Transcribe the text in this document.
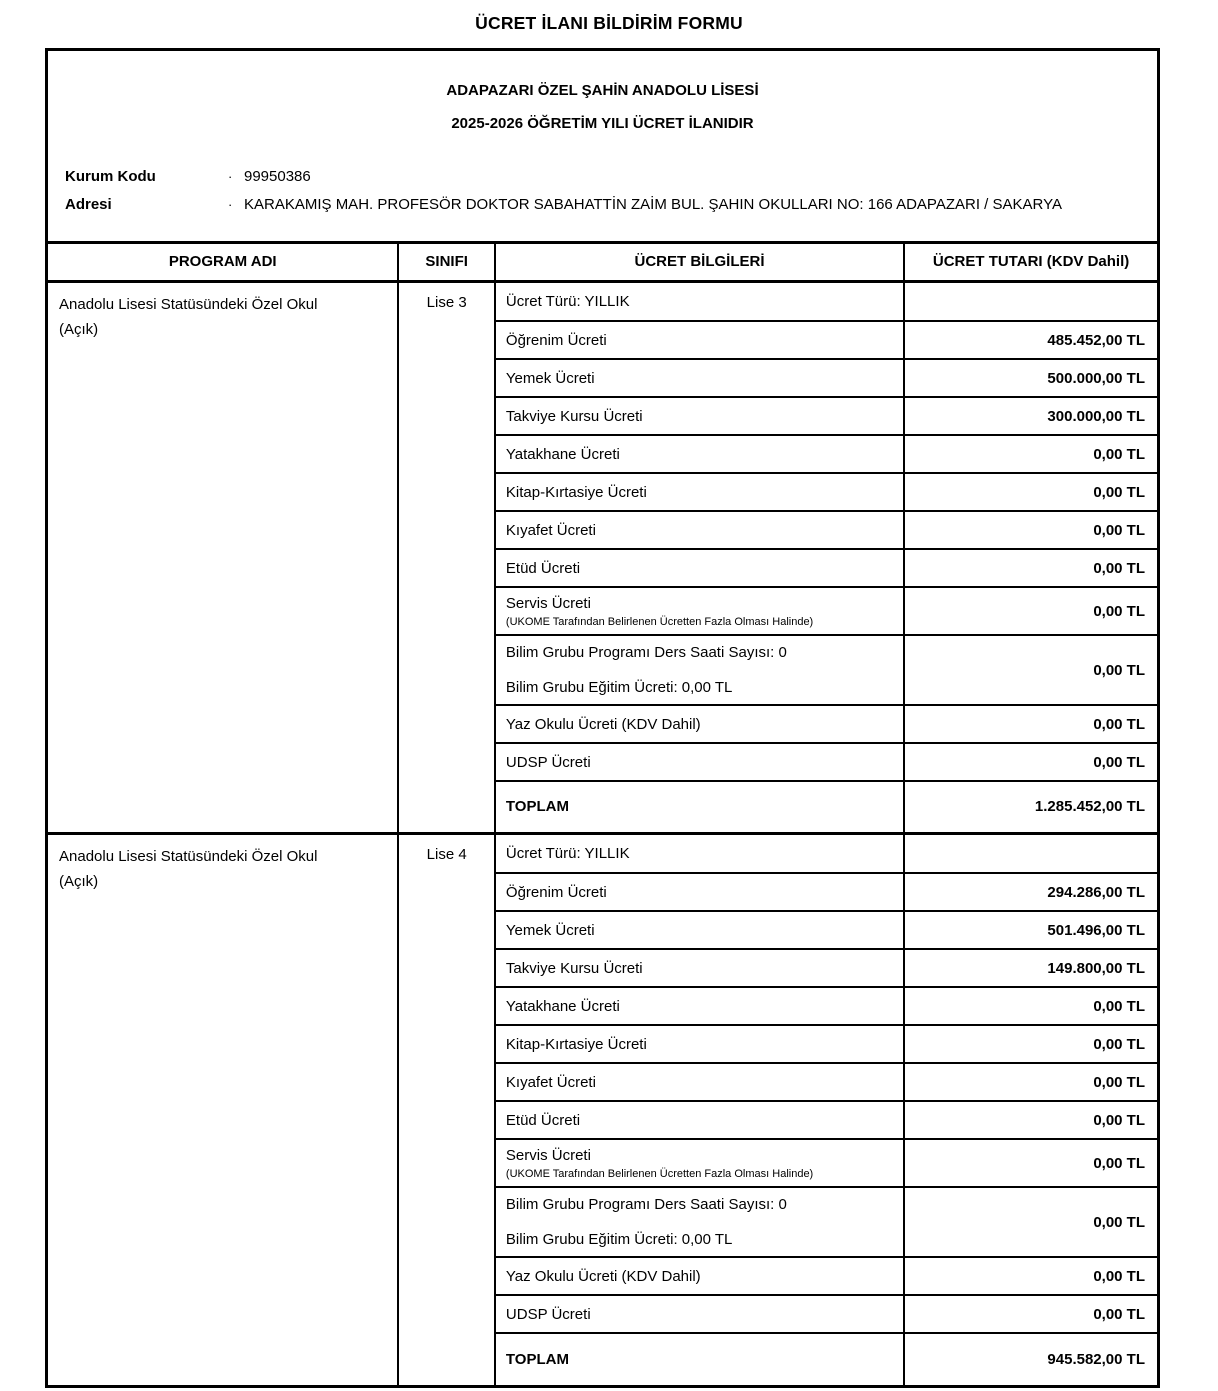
ÜCRET İLANI BİLDİRİM FORMU
ADAPAZARI ÖZEL ŞAHİN ANADOLU LİSESİ
2025-2026 ÖĞRETİM YILI ÜCRET İLANIDIR
Kurum Kodu	· 99950386
Adresi	· KARAKAMIŞ MAH. PROFESÖR DOKTOR SABAHATTİN ZAİM BUL. ŞAHIN OKULLARI NO: 166 ADAPAZARI / SAKARYA
PROGRAM ADI	SINIFI	ÜCRET BİLGİLERİ	ÜCRET TUTARI (KDV Dahil)

Anadolu Lisesi Statüsündeki Özel Okul
(Açık)	Lise 3	Ücret Türü: YILLIK	
		Öğrenim Ücreti	485.452,00 TL
		Yemek Ücreti	500.000,00 TL
		Takviye Kursu Ücreti	300.000,00 TL
		Yatakhane Ücreti	0,00 TL
		Kitap-Kırtasiye Ücreti	0,00 TL
		Kıyafet Ücreti	0,00 TL
		Etüd Ücreti	0,00 TL
		Servis Ücreti
(UKOME Tarafından Belirlenen Ücretten Fazla Olması Halinde)	0,00 TL
		Bilim Grubu Programı Ders Saati Sayısı: 0
Bilim Grubu Eğitim Ücreti: 0,00 TL	0,00 TL
		Yaz Okulu Ücreti (KDV Dahil)	0,00 TL
		UDSP Ücreti	0,00 TL
		TOPLAM	1.285.452,00 TL

Anadolu Lisesi Statüsündeki Özel Okul
(Açık)	Lise 4	Ücret Türü: YILLIK	
		Öğrenim Ücreti	294.286,00 TL
		Yemek Ücreti	501.496,00 TL
		Takviye Kursu Ücreti	149.800,00 TL
		Yatakhane Ücreti	0,00 TL
		Kitap-Kırtasiye Ücreti	0,00 TL
		Kıyafet Ücreti	0,00 TL
		Etüd Ücreti	0,00 TL
		Servis Ücreti
(UKOME Tarafından Belirlenen Ücretten Fazla Olması Halinde)	0,00 TL
		Bilim Grubu Programı Ders Saati Sayısı: 0
Bilim Grubu Eğitim Ücreti: 0,00 TL	0,00 TL
		Yaz Okulu Ücreti (KDV Dahil)	0,00 TL
		UDSP Ücreti	0,00 TL
		TOPLAM	945.582,00 TL
